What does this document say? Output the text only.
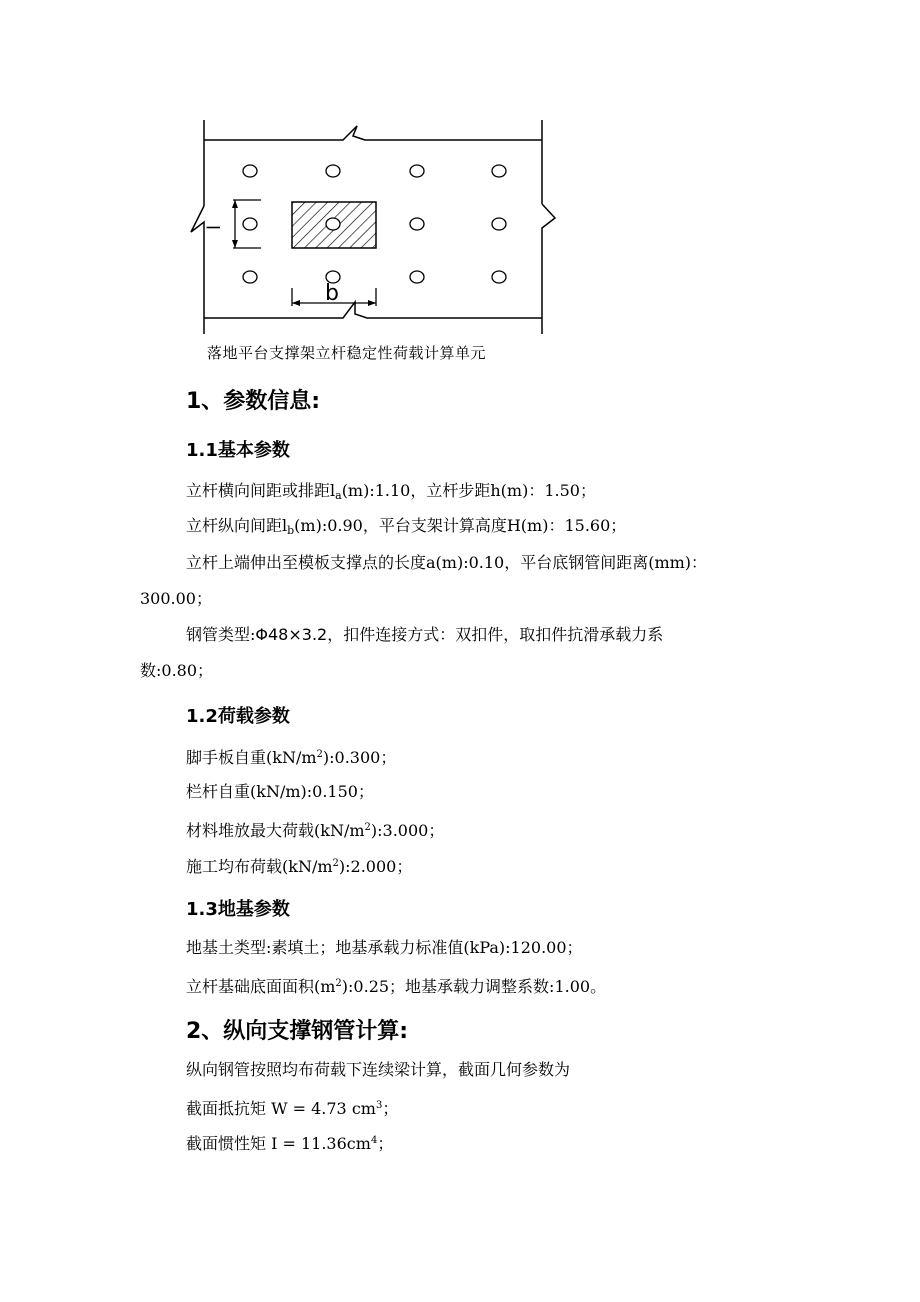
l
b
落地平台支撑架立杆稳定性荷载计算单元
1、参数信息:
1.1基本参数
立杆横向间距或排距$l_a(m):1.10$，立杆步距h(m)：1.50；
立杆纵向间距$l_b(m):0.90$，平台支架计算高度H(m)：15.60；
立杆上端伸出至模板支撑点的长度a(m):0.10，平台底钢管间距离(mm)：
300.00；
钢管类型:Φ48×3.2，扣件连接方式：双扣件，取扣件抗滑承载力系
数:0.80；
1.2荷载参数
脚手板自重$(kN/m^2):0.300$；
栏杆自重(kN/m):0.150；
材料堆放最大荷载$(kN/m^2):3.000$；
施工均布荷载$(kN/m^2):2.000$；
1.3地基参数
地基土类型:素填土；地基承载力标准值(kPa):120.00；
立杆基础底面面积$(m^2):0.25$；地基承载力调整系数:1.00。
2、纵向支撑钢管计算:
纵向钢管按照均布荷载下连续梁计算，截面几何参数为
截面抵抗矩 W = 4.73 $cm^3$；
截面惯性矩 $I = 11.36cm^4$；
